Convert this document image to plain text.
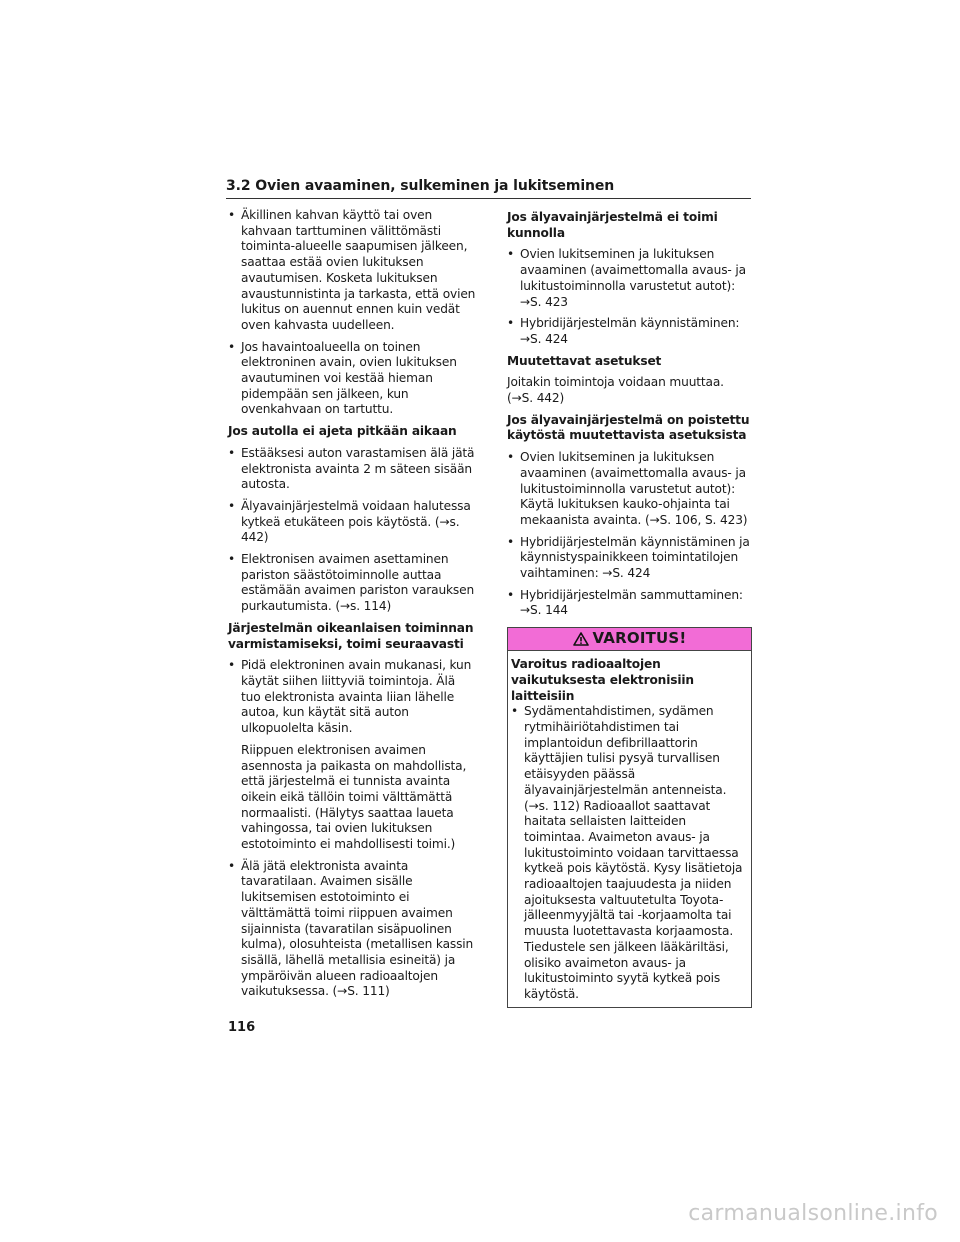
3.2 Ovien avaaminen, sulkeminen ja lukitseminen
• Äkillinen kahvan käyttö tai oven kahvaan tarttuminen välittömästi toiminta-alueelle saapumisen jälkeen, saattaa estää ovien lukituksen avautumisen. Kosketa lukituksen avaustunnistinta ja tarkasta, että ovien lukitus on auennut ennen kuin vedät oven kahvasta uudelleen.
• Jos havaintoalueella on toinen elektroninen avain, ovien lukituksen avautuminen voi kestää hieman pidempään sen jälkeen, kun ovenkahvaan on tartuttu.
Jos autolla ei ajeta pitkään aikaan
• Estääksesi auton varastamisen älä jätä elektronista avainta 2 m säteen sisään autosta.
• Älyavainjärjestelmä voidaan halutessa kytkeä etukäteen pois käytöstä. (→s. 442)
• Elektronisen avaimen asettaminen pariston säästötoiminnolle auttaa estämään avaimen pariston varauksen purkautumista. (→s. 114)
Järjestelmän oikeanlaisen toiminnan varmistamiseksi, toimi seuraavasti
• Pidä elektroninen avain mukanasi, kun käytät siihen liittyviä toimintoja. Älä tuo elektronista avainta liian lähelle autoa, kun käytät sitä auton ulkopuolelta käsin.
Riippuen elektronisen avaimen asennosta ja paikasta on mahdollista, että järjestelmä ei tunnista avainta oikein eikä tällöin toimi välttämättä normaalisti. (Hälytys saattaa laueta vahingossa, tai ovien lukituksen estotoiminto ei mahdollisesti toimi.)
• Älä jätä elektronista avainta tavaratilaan. Avaimen sisälle lukitsemisen estotoiminto ei välttämättä toimi riippuen avaimen sijainnista (tavaratilan sisäpuolinen kulma), olosuhteista (metallisen kassin sisällä, lähellä metallisia esineitä) ja ympäröivän alueen radioaaltojen vaikutuksessa. (→S. 111)
Jos älyavainjärjestelmä ei toimi kunnolla
• Ovien lukitseminen ja lukituksen avaaminen (avaimettomalla avaus- ja lukitustoiminnolla varustetut autot): →S. 423
• Hybridijärjestelmän käynnistäminen: →S. 424
Muutettavat asetukset
Joitakin toimintoja voidaan muuttaa. (→S. 442)
Jos älyavainjärjestelmä on poistettu käytöstä muutettavista asetuksista
• Ovien lukitseminen ja lukituksen avaaminen (avaimettomalla avaus- ja lukitustoiminnolla varustetut autot): Käytä lukituksen kauko-ohjainta tai mekaanista avainta. (→S. 106, S. 423)
• Hybridijärjestelmän käynnistäminen ja käynnistyspainikkeen toimintatilojen vaihtaminen: →S. 424
• Hybridijärjestelmän sammuttaminen: →S. 144
VAROITUS!
Varoitus radioaaltojen vaikutuksesta elektronisiin laitteisiin
• Sydämentahdistimen, sydämen rytmihäiriötahdistimen tai implantoidun defibrillaattorin käyttäjien tulisi pysyä turvallisen etäisyyden päässä älyavainjärjestelmän antenneista. (→s. 112) Radioaallot saattavat haitata sellaisten laitteiden toimintaa. Avaimeton avaus- ja lukitustoiminto voidaan tarvittaessa kytkeä pois käytöstä. Kysy lisätietoja radioaaltojen taajuudesta ja niiden ajoituksesta valtuutetulta Toyota-jälleenmyyjältä tai -korjaamolta tai muusta luotettavasta korjaamosta. Tiedustele sen jälkeen lääkäriltäsi, olisiko avaimeton avaus- ja lukitustoiminto syytä kytkeä pois käytöstä.
116
carmanualsonline.info
